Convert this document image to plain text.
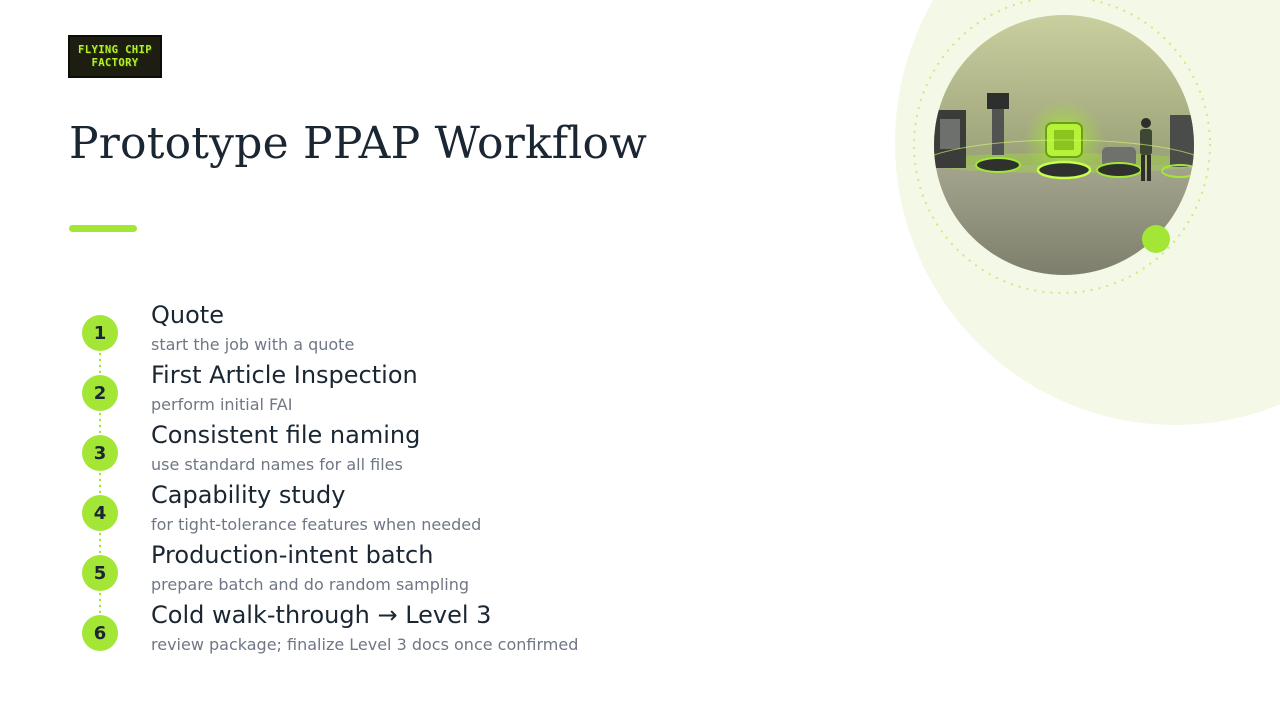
FLYING CHIP
FACTORY
Prototype PPAP Workflow
1
Quote
start the job with a quote
2
First Article Inspection
perform initial FAI
3
Consistent file naming
use standard names for all files
4
Capability study
for tight-tolerance features when needed
5
Production-intent batch
prepare batch and do random sampling
6
Cold walk-through → Level 3
review package; finalize Level 3 docs once confirmed
